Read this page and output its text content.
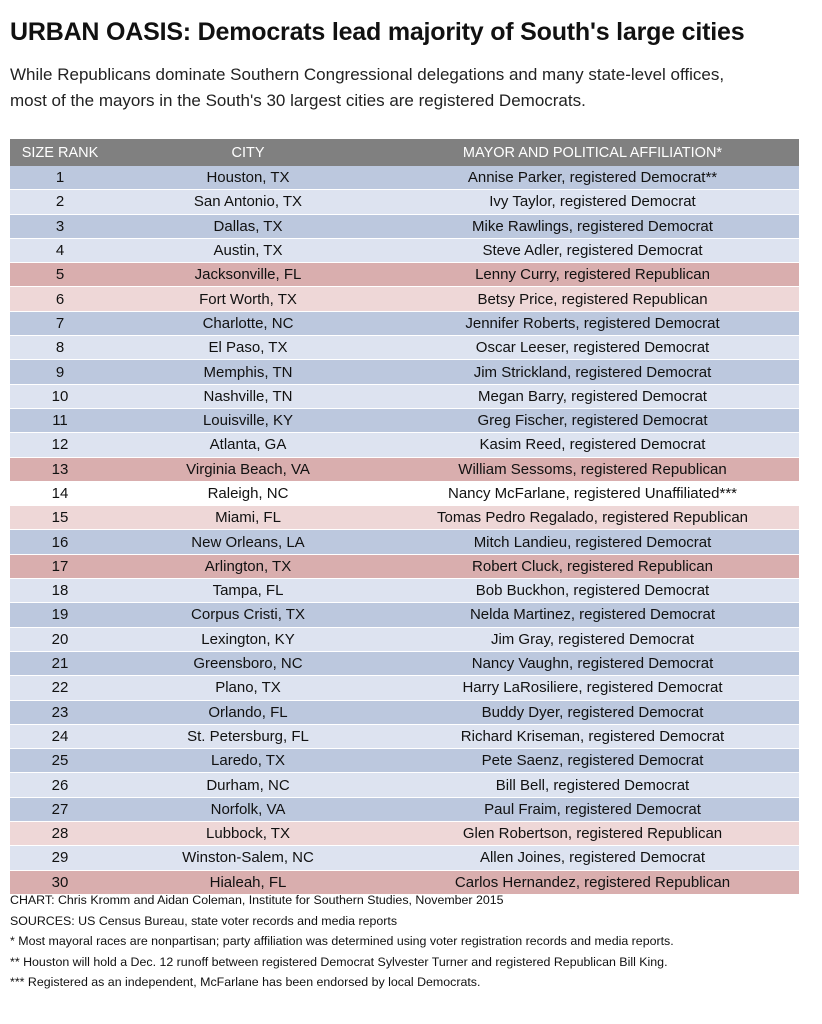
URBAN OASIS: Democrats lead majority of South's large cities
While Republicans dominate Southern Congressional delegations and many state-level offices,
most of the mayors in the South's 30 largest cities are registered Democrats.
SIZE RANK	CITY	MAYOR AND POLITICAL AFFILIATION*
1	Houston, TX	Annise Parker, registered Democrat**
2	San Antonio, TX	Ivy Taylor, registered Democrat
3	Dallas, TX	Mike Rawlings, registered Democrat
4	Austin, TX	Steve Adler, registered Democrat
5	Jacksonville, FL	Lenny Curry, registered Republican
6	Fort Worth, TX	Betsy Price, registered Republican
7	Charlotte, NC	Jennifer Roberts, registered Democrat
8	El Paso, TX	Oscar Leeser, registered Democrat
9	Memphis, TN	Jim Strickland, registered Democrat
10	Nashville, TN	Megan Barry, registered Democrat
11	Louisville, KY	Greg Fischer, registered Democrat
12	Atlanta, GA	Kasim Reed, registered Democrat
13	Virginia Beach, VA	William Sessoms, registered Republican
14	Raleigh, NC	Nancy McFarlane, registered Unaffiliated***
15	Miami, FL	Tomas Pedro Regalado, registered Republican
16	New Orleans, LA	Mitch Landieu, registered Democrat
17	Arlington, TX	Robert Cluck, registered Republican
18	Tampa, FL	Bob Buckhon, registered Democrat
19	Corpus Cristi, TX	Nelda Martinez, registered Democrat
20	Lexington, KY	Jim Gray, registered Democrat
21	Greensboro, NC	Nancy Vaughn, registered Democrat
22	Plano, TX	Harry LaRosiliere, registered Democrat
23	Orlando, FL	Buddy Dyer, registered Democrat
24	St. Petersburg, FL	Richard Kriseman, registered Democrat
25	Laredo, TX	Pete Saenz, registered Democrat
26	Durham, NC	Bill Bell, registered Democrat
27	Norfolk, VA	Paul Fraim, registered Democrat
28	Lubbock, TX	Glen Robertson, registered Republican
29	Winston-Salem, NC	Allen Joines, registered Democrat
30	Hialeah, FL	Carlos Hernandez, registered Republican
CHART: Chris Kromm and Aidan Coleman, Institute for Southern Studies, November 2015
SOURCES: US Census Bureau, state voter records and media reports
* Most mayoral races are nonpartisan; party affiliation was determined using voter registration records and media reports.
** Houston will hold a Dec. 12 runoff between registered Democrat Sylvester Turner and registered Republican Bill King.
*** Registered as an independent, McFarlane has been endorsed by local Democrats.
